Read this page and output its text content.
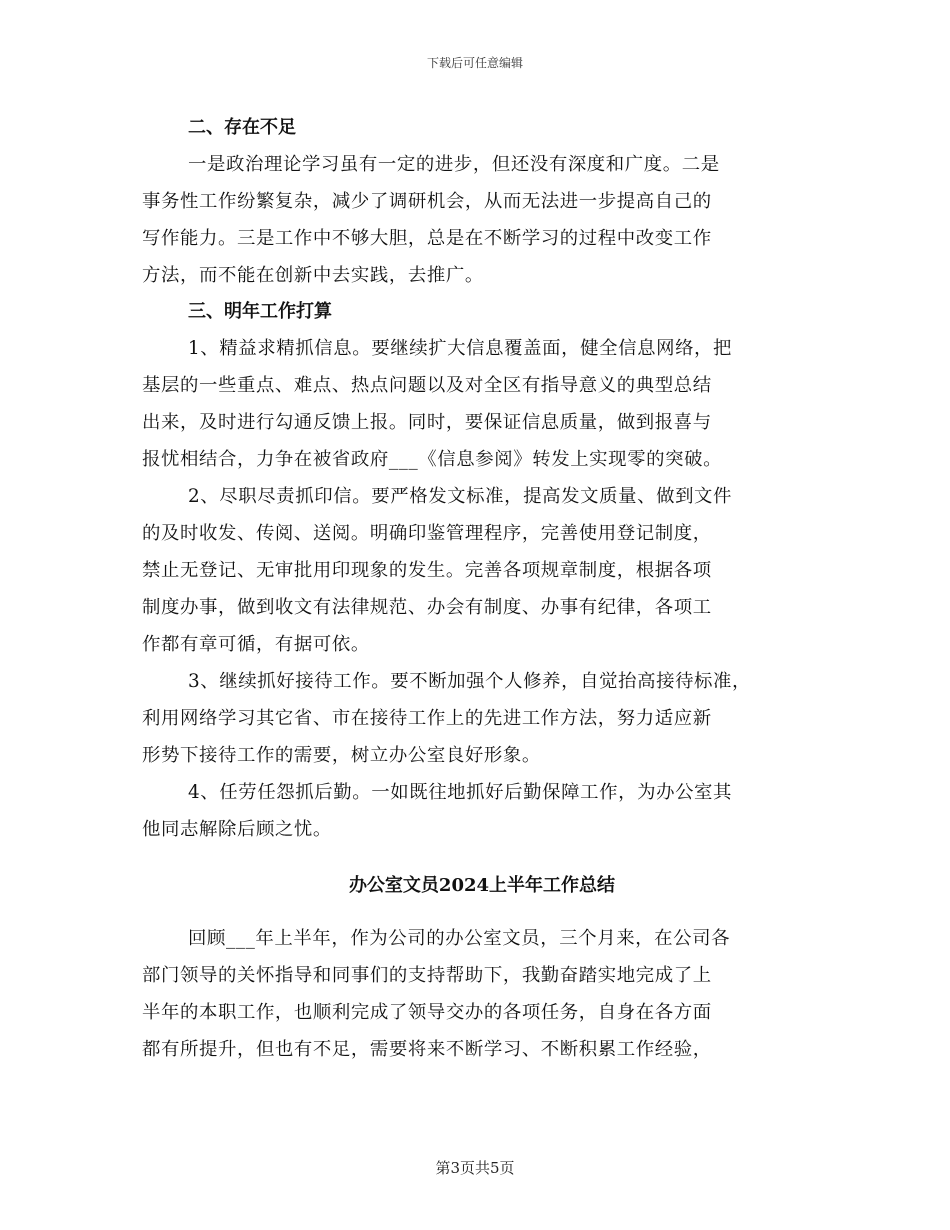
下载后可任意编辑
二、存在不足
一是政治理论学习虽有一定的进步，但还没有深度和广度。二是
事务性工作纷繁复杂，减少了调研机会，从而无法进一步提高自己的
写作能力。三是工作中不够大胆，总是在不断学习的过程中改变工作
方法，而不能在创新中去实践，去推广。
三、明年工作打算
1、精益求精抓信息。要继续扩大信息覆盖面，健全信息网络，把
基层的一些重点、难点、热点问题以及对全区有指导意义的典型总结
出来，及时进行勾通反馈上报。同时，要保证信息质量，做到报喜与
报忧相结合，力争在被省政府___《信息参阅》转发上实现零的突破。
2、尽职尽责抓印信。要严格发文标准，提高发文质量、做到文件
的及时收发、传阅、送阅。明确印鉴管理程序，完善使用登记制度，
禁止无登记、无审批用印现象的发生。完善各项规章制度，根据各项
制度办事，做到收文有法律规范、办会有制度、办事有纪律，各项工
作都有章可循，有据可依。
3、继续抓好接待工作。要不断加强个人修养，自觉抬高接待标准，
利用网络学习其它省、市在接待工作上的先进工作方法，努力适应新
形势下接待工作的需要，树立办公室良好形象。
4、任劳任怨抓后勤。一如既往地抓好后勤保障工作，为办公室其
他同志解除后顾之忧。
办公室文员2024上半年工作总结
回顾___年上半年，作为公司的办公室文员，三个月来，在公司各
部门领导的关怀指导和同事们的支持帮助下，我勤奋踏实地完成了上
半年的本职工作，也顺利完成了领导交办的各项任务，自身在各方面
都有所提升，但也有不足，需要将来不断学习、不断积累工作经验，
第3页共5页
